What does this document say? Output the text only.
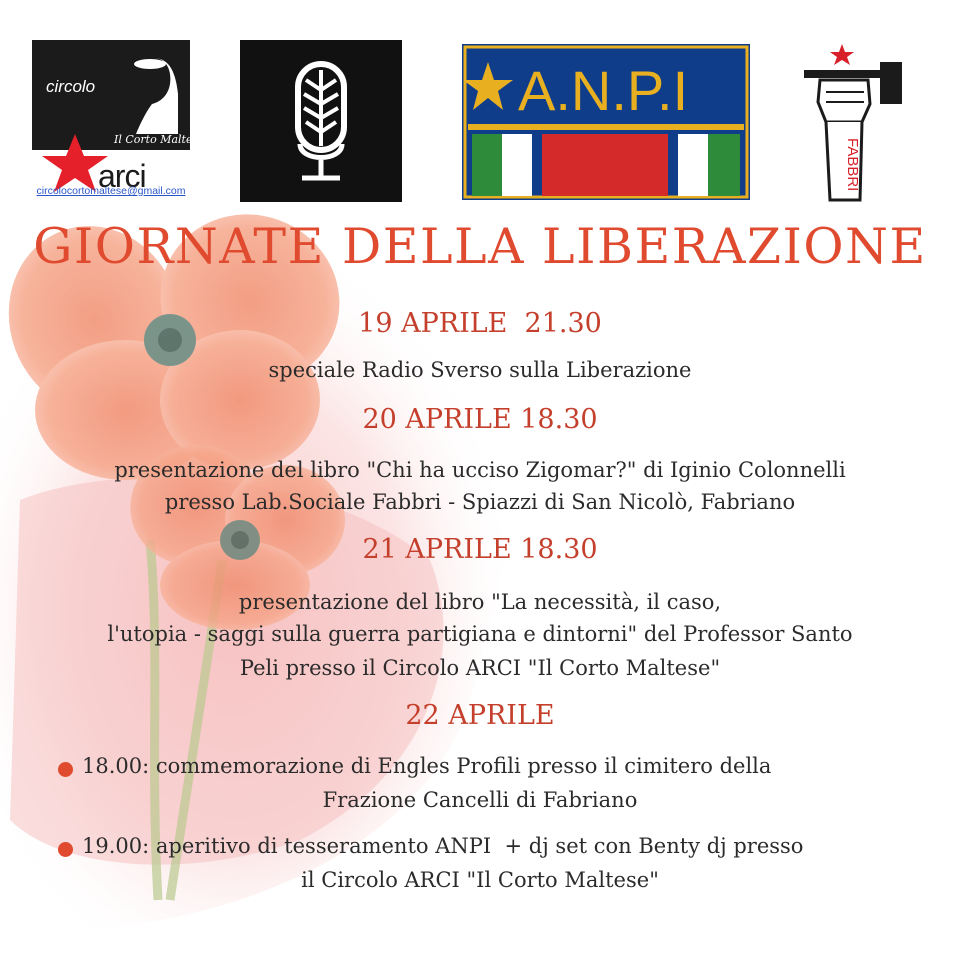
circolo
Il Corto Maltese
arci
circolocortomaltese@gmail.com
A.N.P.I
FABBRI
GIORNATE DELLA LIBERAZIONE
19 APRILE  21.30
speciale Radio Sverso sulla Liberazione
20 APRILE 18.30
presentazione del libro "Chi ha ucciso Zigomar?" di Iginio Colonnelli
presso Lab.Sociale Fabbri - Spiazzi di San Nicolò, Fabriano
21 APRILE 18.30
presentazione del libro "La necessità, il caso,
l'utopia - saggi sulla guerra partigiana e dintorni" del Professor Santo
Peli presso il Circolo ARCI "Il Corto Maltese"
22 APRILE
18.00: commemorazione di Engles Profili presso il cimitero della
Frazione Cancelli di Fabriano
19.00: aperitivo di tesseramento ANPI  + dj set con Benty dj presso
il Circolo ARCI "Il Corto Maltese"
